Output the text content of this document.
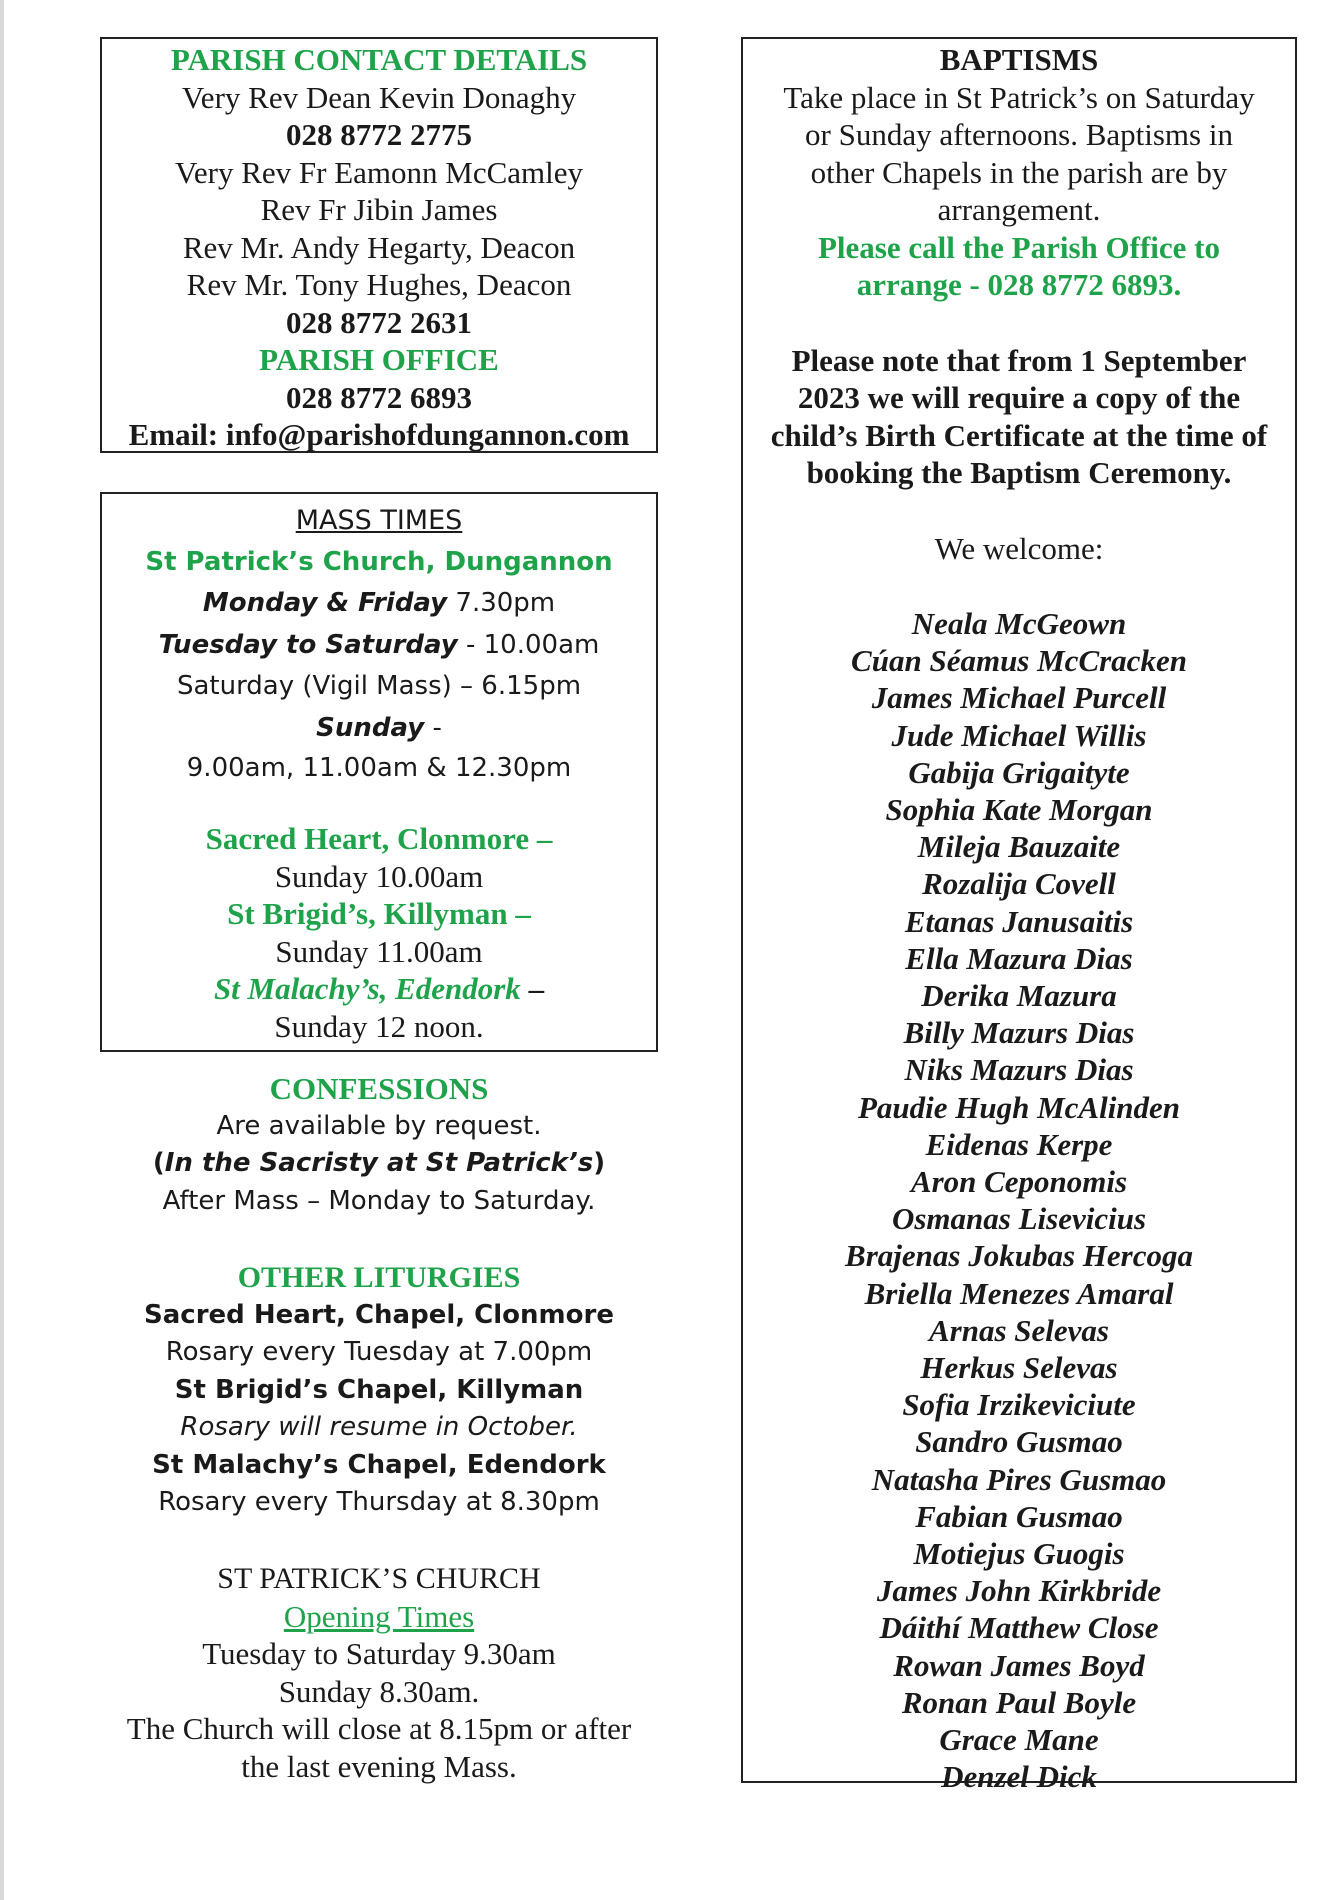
PARISH CONTACT DETAILS
Very Rev Dean Kevin Donaghy
028 8772 2775
Very Rev Fr Eamonn McCamley
Rev Fr Jibin James
Rev Mr. Andy Hegarty, Deacon
Rev Mr. Tony Hughes, Deacon
028 8772 2631
PARISH OFFICE
028 8772 6893
Email: info@parishofdungannon.com
MASS TIMES
St Patrick’s Church, Dungannon
Monday & Friday 7.30pm
Tuesday to Saturday - 10.00am
Saturday (Vigil Mass) – 6.15pm
Sunday -
9.00am, 11.00am & 12.30pm
Sacred Heart, Clonmore –
Sunday 10.00am
St Brigid’s, Killyman –
Sunday 11.00am
St Malachy’s, Edendork –
Sunday 12 noon.
CONFESSIONS
Are available by request.
(In the Sacristy at St Patrick’s)
After Mass – Monday to Saturday.
OTHER LITURGIES
Sacred Heart, Chapel, Clonmore
Rosary every Tuesday at 7.00pm
St Brigid’s Chapel, Killyman
Rosary will resume in October.
St Malachy’s Chapel, Edendork
Rosary every Thursday at 8.30pm
ST PATRICK’S CHURCH
Opening Times
Tuesday to Saturday 9.30am
Sunday 8.30am.
The Church will close at 8.15pm or after
the last evening Mass.
BAPTISMS
Take place in St Patrick’s on Saturday
or Sunday afternoons. Baptisms in
other Chapels in the parish are by
arrangement.
Please call the Parish Office to
arrange - 028 8772 6893.
Please note that from 1 September
2023 we will require a copy of the
child’s Birth Certificate at the time of
booking the Baptism Ceremony.
We welcome:
Neala McGeown
Cúan Séamus McCracken
James Michael Purcell
Jude Michael Willis
Gabija Grigaityte
Sophia Kate Morgan
Mileja Bauzaite
Rozalija Covell
Etanas Janusaitis
Ella Mazura Dias
Derika Mazura
Billy Mazurs Dias
Niks Mazurs Dias
Paudie Hugh McAlinden
Eidenas Kerpe
Aron Ceponomis
Osmanas Lisevicius
Brajenas Jokubas Hercoga
Briella Menezes Amaral
Arnas Selevas
Herkus Selevas
Sofia Irzikeviciute
Sandro Gusmao
Natasha Pires Gusmao
Fabian Gusmao
Motiejus Guogis
James John Kirkbride
Dáithí Matthew Close
Rowan James Boyd
Ronan Paul Boyle
Grace Mane
Denzel Dick
